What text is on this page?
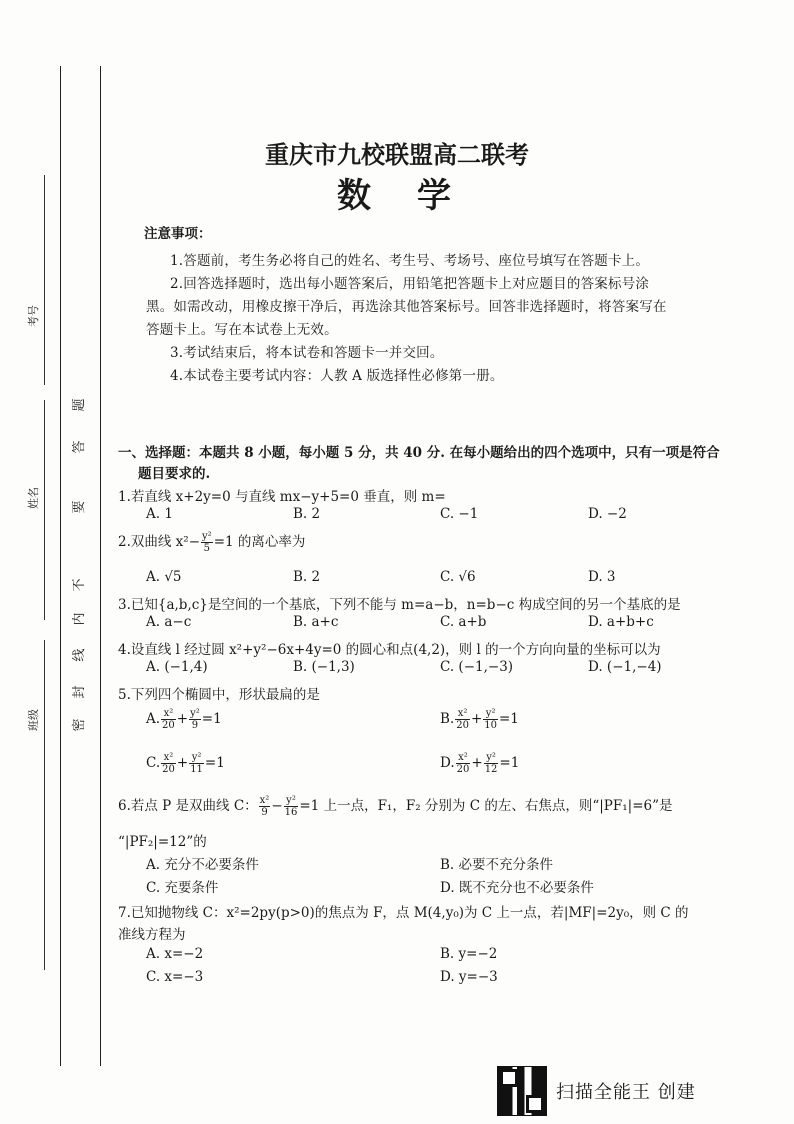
考号
姓名
班级 密
封
线
内
不
要
答
题
重庆市九校联盟高二联考
数　学
注意事项：
1.答题前，考生务必将自己的姓名、考生号、考场号、座位号填写在答题卡上。
2.回答选择题时，选出每小题答案后，用铅笔把答题卡上对应题目的答案标号涂
黑。如需改动，用橡皮擦干净后，再选涂其他答案标号。回答非选择题时，将答案写在
答题卡上。写在本试卷上无效。
3.考试结束后，将本试卷和答题卡一并交回。
4.本试卷主要考试内容：人教 A 版选择性必修第一册。
一、选择题：本题共 8 小题，每小题 5 分，共 40 分. 在每小题给出的四个选项中，只有一项是符合
题目要求的.
1.若直线 x+2y=0 与直线 mx−y+5=0 垂直，则 m=
A. 1	B. 2	C. −1	D. −2
2.双曲线 $x^2- \frac{\text{y²}}{5} =1$ 的离心率为
A. √5	B. 2	C. √6	D. 3
3.已知{a,b,c}是空间的一个基底，下列不能与 m=a−b，n=b−c 构成空间的另一个基底的是
A. a−c	B. a+c	C. a+b	D. a+b+c
4.设直线 l 经过圆 x²+y²−6x+4y=0 的圆心和点(4,2)，则 l 的一个方向向量的坐标可以为
A. (−1,4)	B. (−1,3)	C. (−1,−3)	D. (−1,−4)
5.下列四个椭圆中，形状最扁的是
A. $\frac{\text{x²}}{20} + \frac{\text{y²}}{9} =1$	B. $\frac{\text{x²}}{20} + \frac{\text{y²}}{10} =1$
C. $\frac{\text{x²}}{20} + \frac{\text{y²}}{11} =1$	D. $\frac{\text{x²}}{20} + \frac{\text{y²}}{12} =1$
6.若点 P 是双曲线 C： $\frac{\text{x²}}{9} - \frac{\text{y²}}{16} =1$ 上一点，F₁，F₂ 分别为 C 的左、右焦点，则“|PF₁|=6”是
“|PF₂|=12”的
A. 充分不必要条件	B. 必要不充分条件
C. 充要条件	D. 既不充分也不必要条件
7.已知抛物线 C：x²=2py(p>0)的焦点为 F，点 M(4,y₀)为 C 上一点，若|MF|=2y₀，则 C 的
准线方程为
A. x=−2	B. y=−2
C. x=−3	D. y=−3
扫描全能王 创建
